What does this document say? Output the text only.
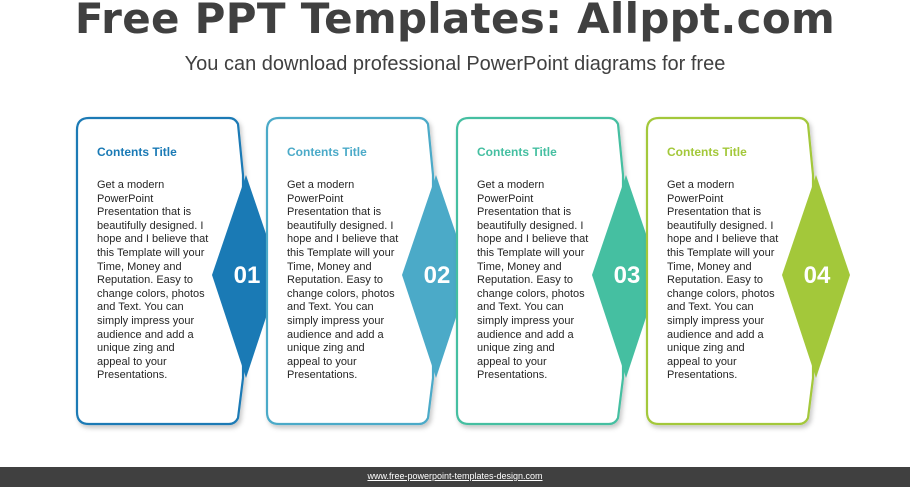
Free PPT Templates: Allppt.com
You can download professional PowerPoint diagrams for free
Contents Title
Get a modern PowerPoint Presentation that is beautifully designed. I hope and I believe that this Template will your Time, Money and Reputation. Easy to change colors, photos and Text. You can simply impress your audience and add a unique zing and appeal to your Presentations.
01
Contents Title
Get a modern PowerPoint Presentation that is beautifully designed. I hope and I believe that this Template will your Time, Money and Reputation. Easy to change colors, photos and Text. You can simply impress your audience and add a unique zing and appeal to your Presentations.
02
Contents Title
Get a modern PowerPoint Presentation that is beautifully designed. I hope and I believe that this Template will your Time, Money and Reputation. Easy to change colors, photos and Text. You can simply impress your audience and add a unique zing and appeal to your Presentations.
03
Contents Title
Get a modern PowerPoint Presentation that is beautifully designed. I hope and I believe that this Template will your Time, Money and Reputation. Easy to change colors, photos and Text. You can simply impress your audience and add a unique zing and appeal to your Presentations.
04
www.free-powerpoint-templates-design.com
